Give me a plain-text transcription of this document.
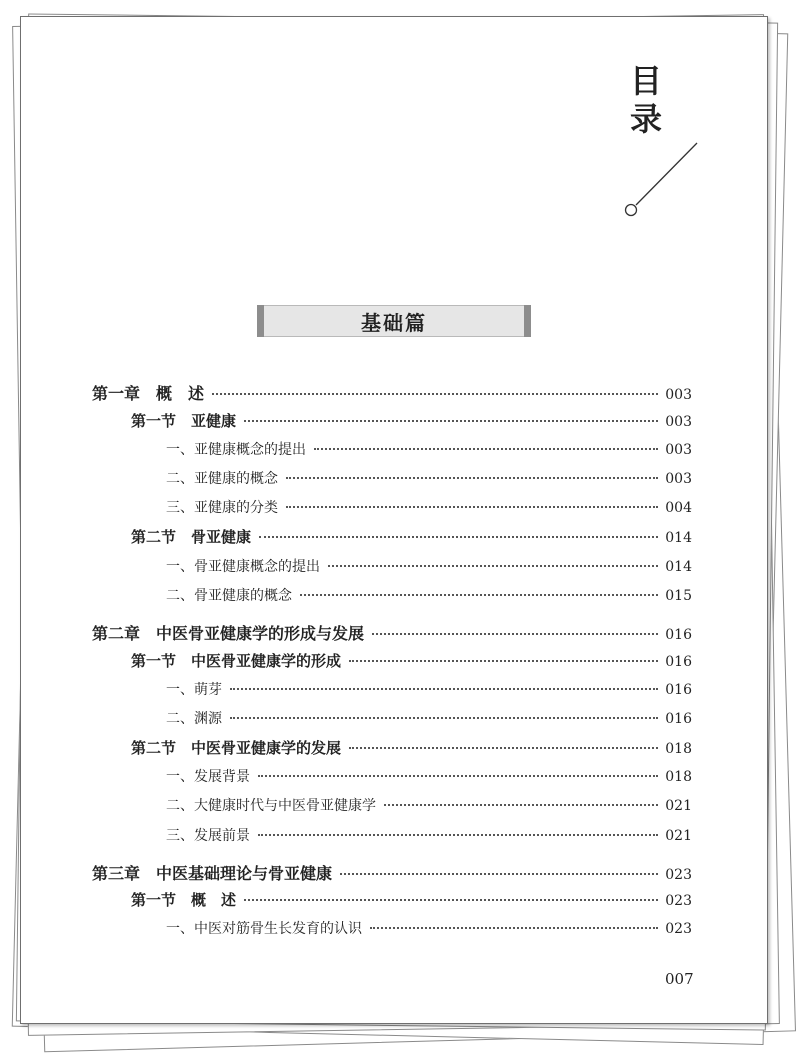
目录
基础篇
第一章　概　述	003
第一节　亚健康	003
一、亚健康概念的提出	003
二、亚健康的概念	003
三、亚健康的分类	004
第二节　骨亚健康	014
一、骨亚健康概念的提出	014
二、骨亚健康的概念	015
第二章　中医骨亚健康学的形成与发展	016
第一节　中医骨亚健康学的形成	016
一、萌芽	016
二、渊源	016
第二节　中医骨亚健康学的发展	018
一、发展背景	018
二、大健康时代与中医骨亚健康学	021
三、发展前景	021
第三章　中医基础理论与骨亚健康	023
第一节　概　述	023
一、中医对筋骨生长发育的认识	023
007
